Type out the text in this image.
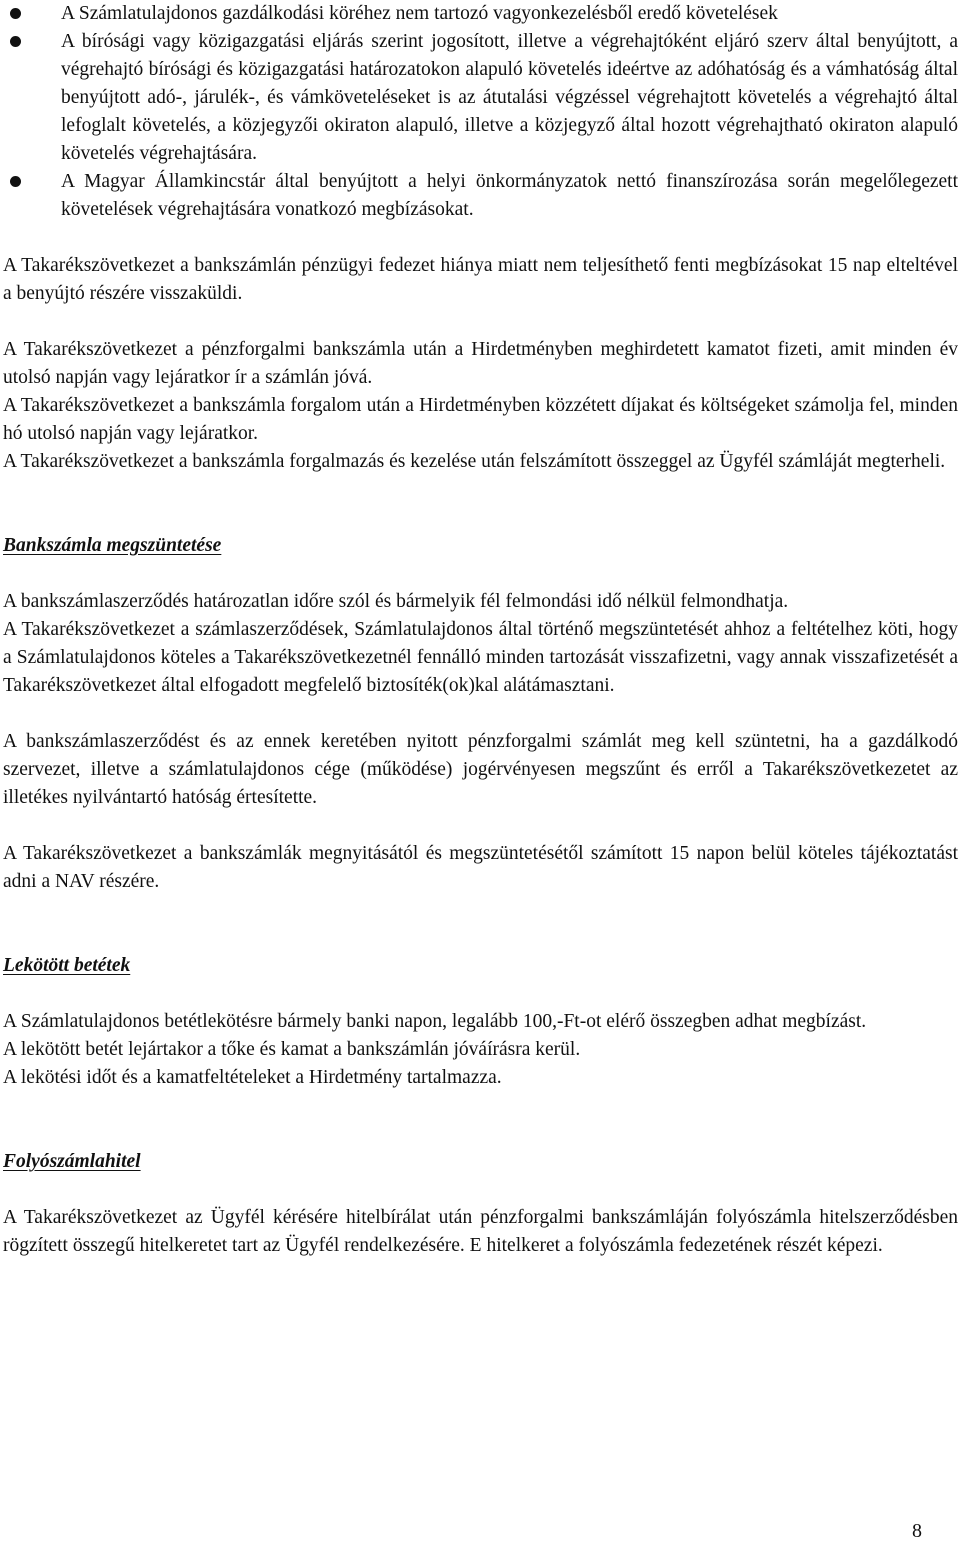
A Számlatulajdonos gazdálkodási köréhez nem tartozó vagyonkezelésből eredő követelések
A bírósági vagy közigazgatási eljárás szerint jogosított, illetve a végrehajtóként eljáró szerv által benyújtott, a végrehajtó bírósági és közigazgatási határozatokon alapuló követelés ideértve az adóhatóság és a vámhatóság által benyújtott adó-, járulék-, és vámköveteléseket is az átutalási végzéssel végrehajtott követelés a végrehajtó által lefoglalt követelés, a közjegyzői okiraton alapuló, illetve a közjegyző által hozott végrehajtható okiraton alapuló követelés végrehajtására.
A Magyar Államkincstár által benyújtott a helyi önkormányzatok nettó finanszírozása során megelőlegezett követelések végrehajtására vonatkozó megbízásokat.

A Takarékszövetkezet a bankszámlán pénzügyi fedezet hiánya miatt nem teljesíthető fenti megbízásokat 15 nap elteltével a benyújtó részére visszaküldi.

A Takarékszövetkezet a pénzforgalmi bankszámla után a Hirdetményben meghirdetett kamatot fizeti, amit minden év utolsó napján vagy lejáratkor ír a számlán jóvá.

A Takarékszövetkezet a bankszámla forgalom után a Hirdetményben közzétett díjakat és költségeket számolja fel, minden hó utolsó napján vagy lejáratkor.

A Takarékszövetkezet a bankszámla forgalmazás és kezelése után felszámított összeggel az Ügyfél számláját megterheli.

Bankszámla megszüntetése

A bankszámlaszerződés határozatlan időre szól és bármelyik fél felmondási idő nélkül felmondhatja.

A Takarékszövetkezet a számlaszerződések, Számlatulajdonos által történő megszüntetését ahhoz a feltételhez köti, hogy a Számlatulajdonos köteles a Takarékszövetkezetnél fennálló minden tartozását visszafizetni, vagy annak visszafizetését a Takarékszövetkezet által elfogadott megfelelő biztosíték(ok)kal alátámasztani.

A bankszámlaszerződést és az ennek keretében nyitott pénzforgalmi számlát meg kell szüntetni, ha a gazdálkodó szervezet, illetve a számlatulajdonos cége (működése) jogérvényesen megszűnt és erről a Takarékszövetkezetet az illetékes nyilvántartó hatóság értesítette.

A Takarékszövetkezet a bankszámlák megnyitásától és megszüntetésétől számított 15 napon belül köteles tájékoztatást adni a NAV részére.

Lekötött betétek

A Számlatulajdonos betétlekötésre bármely banki napon, legalább 100,-Ft-ot elérő összegben adhat megbízást.

A lekötött betét lejártakor a tőke és kamat a bankszámlán jóváírásra kerül.

A lekötési időt és a kamatfeltételeket a Hirdetmény tartalmazza.

Folyószámlahitel

A Takarékszövetkezet az Ügyfél kérésére hitelbírálat után pénzforgalmi bankszámláján folyószámla hitelszerződésben rögzített összegű hitelkeretet tart az Ügyfél rendelkezésére. E hitelkeret a folyószámla fedezetének részét képezi.

8
